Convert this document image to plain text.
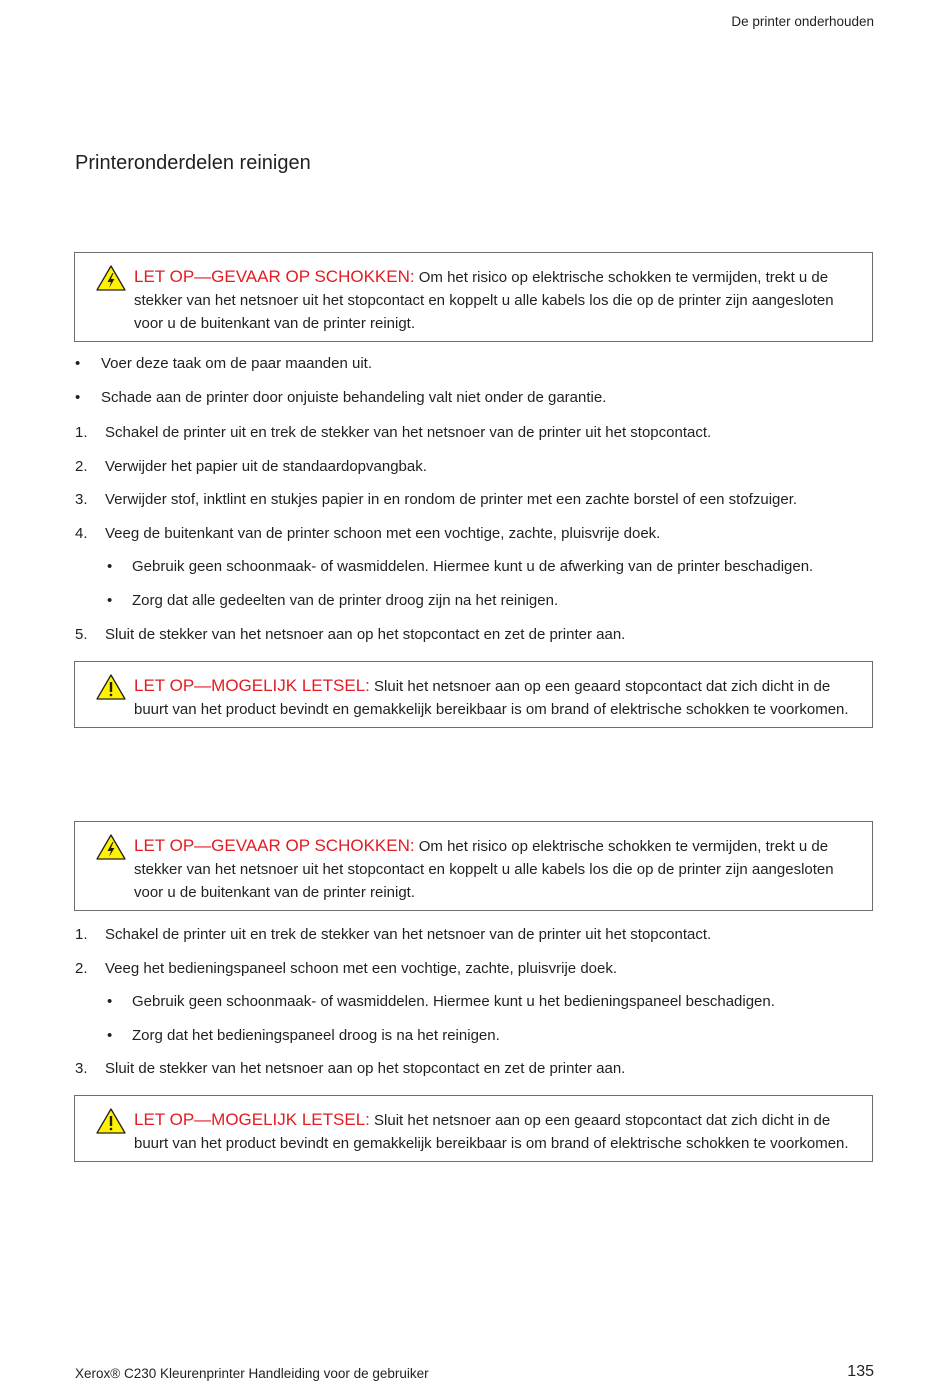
De printer onderhouden
Printeronderdelen reinigen
LET OP—GEVAAR OP SCHOKKEN: Om het risico op elektrische schokken te vermijden, trekt u de stekker van het netsnoer uit het stopcontact en koppelt u alle kabels los die op de printer zijn aangesloten voor u de buitenkant van de printer reinigt.
• Voer deze taak om de paar maanden uit.
• Schade aan de printer door onjuiste behandeling valt niet onder de garantie.
1. Schakel de printer uit en trek de stekker van het netsnoer van de printer uit het stopcontact.
2. Verwijder het papier uit de standaardopvangbak.
3. Verwijder stof, inktlint en stukjes papier in en rondom de printer met een zachte borstel of een stofzuiger.
4. Veeg de buitenkant van de printer schoon met een vochtige, zachte, pluisvrije doek.
• Gebruik geen schoonmaak- of wasmiddelen. Hiermee kunt u de afwerking van de printer beschadigen.
• Zorg dat alle gedeelten van de printer droog zijn na het reinigen.
5. Sluit de stekker van het netsnoer aan op het stopcontact en zet de printer aan.
LET OP—MOGELIJK LETSEL: Sluit het netsnoer aan op een geaard stopcontact dat zich dicht in de buurt van het product bevindt en gemakkelijk bereikbaar is om brand of elektrische schokken te voorkomen.
LET OP—GEVAAR OP SCHOKKEN: Om het risico op elektrische schokken te vermijden, trekt u de stekker van het netsnoer uit het stopcontact en koppelt u alle kabels los die op de printer zijn aangesloten voor u de buitenkant van de printer reinigt.
1. Schakel de printer uit en trek de stekker van het netsnoer van de printer uit het stopcontact.
2. Veeg het bedieningspaneel schoon met een vochtige, zachte, pluisvrije doek.
• Gebruik geen schoonmaak- of wasmiddelen. Hiermee kunt u het bedieningspaneel beschadigen.
• Zorg dat het bedieningspaneel droog is na het reinigen.
3. Sluit de stekker van het netsnoer aan op het stopcontact en zet de printer aan.
LET OP—MOGELIJK LETSEL: Sluit het netsnoer aan op een geaard stopcontact dat zich dicht in de buurt van het product bevindt en gemakkelijk bereikbaar is om brand of elektrische schokken te voorkomen.
Xerox® C230 Kleurenprinter Handleiding voor de gebruiker	135
